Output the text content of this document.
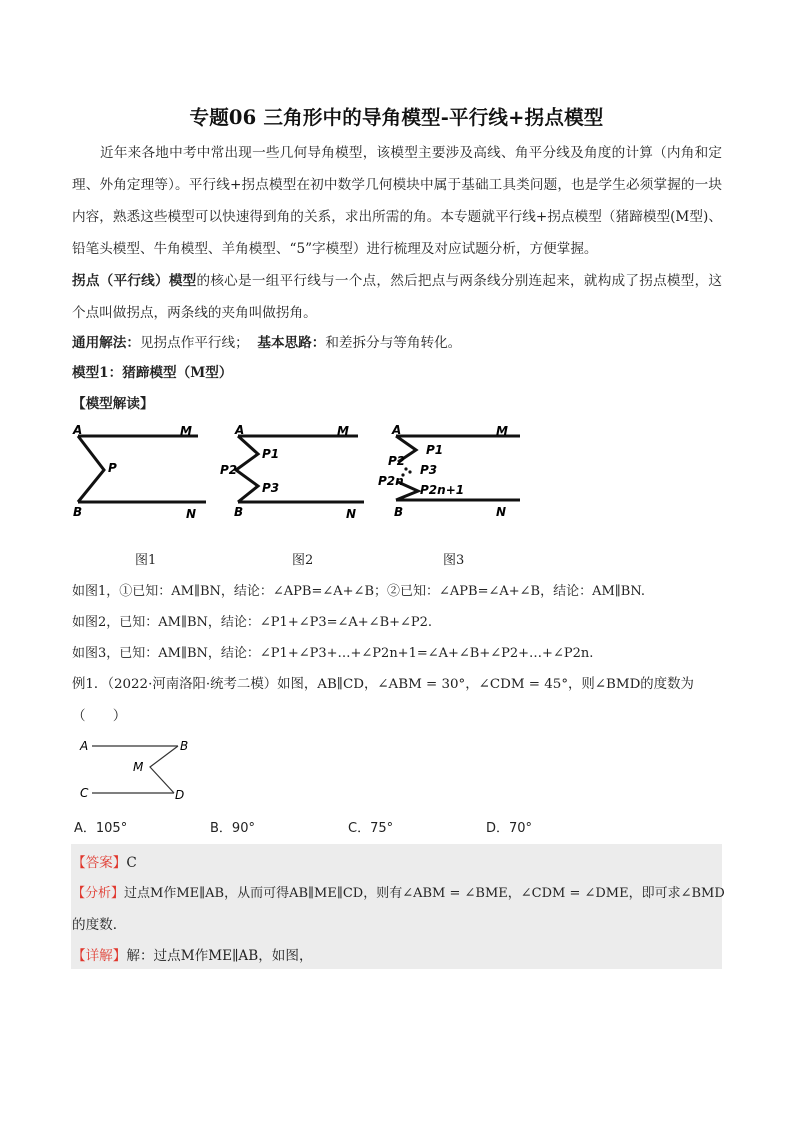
专题06 三角形中的导角模型-平行线+拐点模型

近年来各地中考中常出现一些几何导角模型，该模型主要涉及高线、角平分线及角度的计算（内角和定理、外角定理等）。平行线+拐点模型在初中数学几何模块中属于基础工具类问题，也是学生必须掌握的一块内容，熟悉这些模型可以快速得到角的关系，求出所需的角。本专题就平行线+拐点模型（猪蹄模型(M型)、铅笔头模型、牛角模型、羊角模型、“5”字模型）进行梳理及对应试题分析，方便掌握。

拐点（平行线）模型的核心是一组平行线与一个点，然后把点与两条线分别连起来，就构成了拐点模型，这个点叫做拐点，两条线的夹角叫做拐角。

通用解法：见拐点作平行线； 基本思路：和差拆分与等角转化。
模型1：猪蹄模型（M型）
【模型解读】
A	M
P
B	N
A	M
P1
P2
P3
B	N
A	M
P1
P2
P3
P2n
P2n+1
B	N
图1	图2	图3
如图1，①已知：AM∥BN，结论：∠APB=∠A+∠B；②已知：∠APB=∠A+∠B，结论：AM∥BN.
如图2，已知：AM∥BN，结论：∠P1+∠P3=∠A+∠B+∠P2.
如图3，已知：AM∥BN，结论：∠P1+∠P3+…+∠P2n+1=∠A+∠B+∠P2+…+∠P2n.
例1．（2022·河南洛阳·统考二模）如图，AB∥CD，∠ABM = 30°，∠CDM = 45°，则∠BMD的度数为
（　　）
A	B
M
C	D
A．105°	B．90°	C．75°	D．70°
【答案】C
【分析】过点M作ME∥AB，从而可得AB∥ME∥CD，则有∠ABM = ∠BME，∠CDM = ∠DME，即可求∠BMD
的度数．
【详解】解：过点M作ME∥AB，如图，
